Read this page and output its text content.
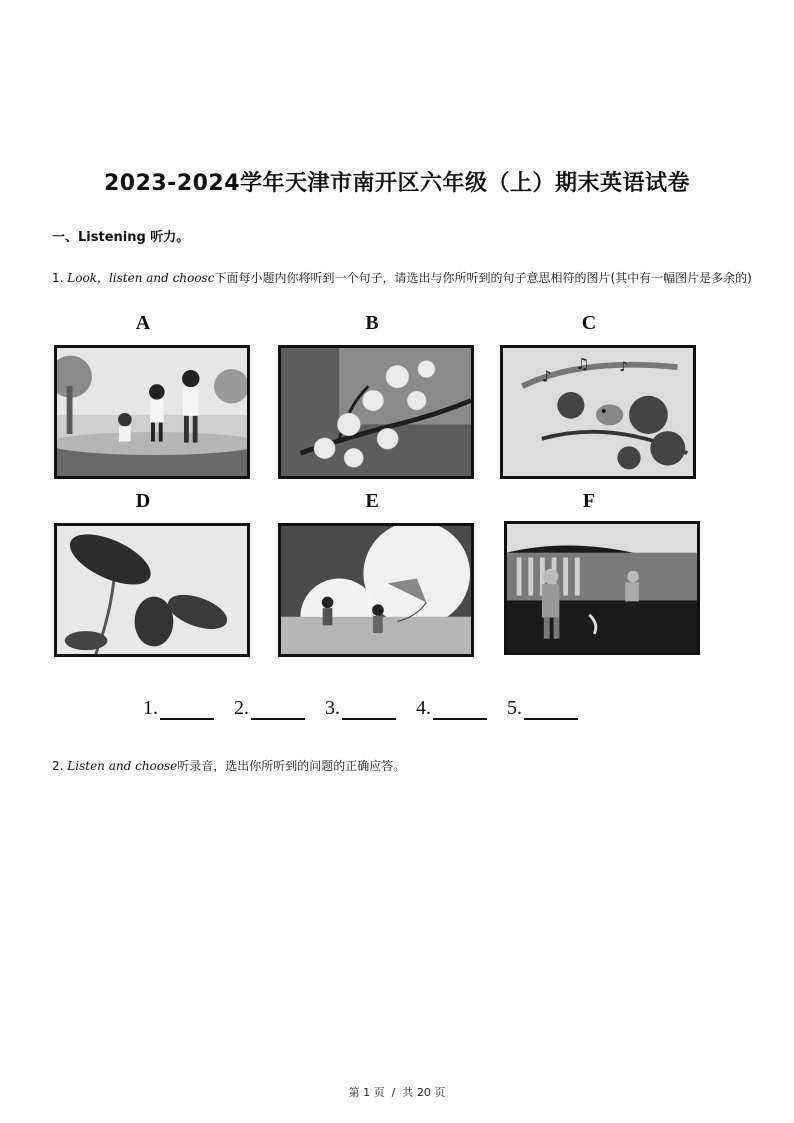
2023-2024学年天津市南开区六年级（上）期末英语试卷
一、Listening 听力。
1. Look，listen and choosc下面每小题内你将听到一个句子，请选出与你所听到的句子意思相符的图片(其中有一幅图片是多余的)
A	B	C
D	E	F
♪
♫ ♪
1.	2.	3.	4.	5.
2. Listen and choose听录音，选出你所听到的问题的正确应答。
第 1 页  /  共 20 页
